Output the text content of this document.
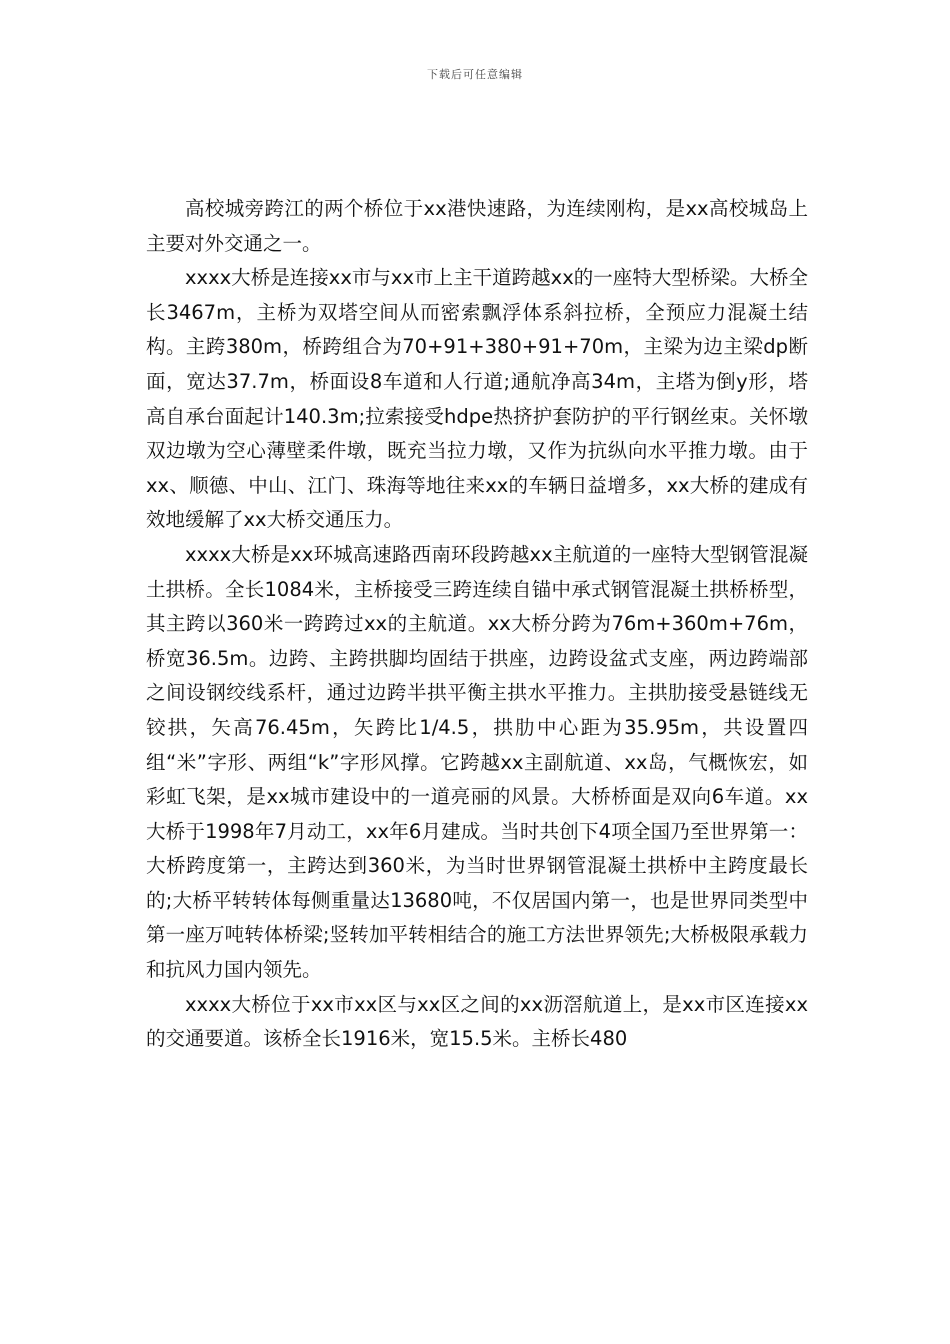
下载后可任意编辑

高校城旁跨江的两个桥位于xx港快速路，为连续刚构，是xx高校城岛上主要对外交通之一。

xxxx大桥是连接xx市与xx市上主干道跨越xx的一座特大型桥梁。大桥全长3467m，主桥为双塔空间从而密索飘浮体系斜拉桥，全预应力混凝土结构。主跨380m，桥跨组合为70+91+380+91+70m，主梁为边主梁dp断面，宽达37.7m，桥面设8车道和人行道;通航净高34m，主塔为倒y形，塔高自承台面起计140.3m;拉索接受hdpe热挤护套防护的平行钢丝束。关怀墩双边墩为空心薄壁柔件墩，既充当拉力墩，又作为抗纵向水平推力墩。由于xx、顺德、中山、江门、珠海等地往来xx的车辆日益增多，xx大桥的建成有效地缓解了xx大桥交通压力。

xxxx大桥是xx环城高速路西南环段跨越xx主航道的一座特大型钢管混凝土拱桥。全长1084米，主桥接受三跨连续自锚中承式钢管混凝土拱桥桥型，其主跨以360米一跨跨过xx的主航道。xx大桥分跨为76m+360m+76m，桥宽36.5m。边跨、主跨拱脚均固结于拱座，边跨设盆式支座，两边跨端部之间设钢绞线系杆，通过边跨半拱平衡主拱水平推力。主拱肋接受悬链线无铰拱，矢高76.45m，矢跨比1/4.5，拱肋中心距为35.95m，共设置四组“米”字形、两组“k”字形风撑。它跨越xx主副航道、xx岛，气概恢宏，如彩虹飞架，是xx城市建设中的一道亮丽的风景。大桥桥面是双向6车道。xx大桥于1998年7月动工，xx年6月建成。当时共创下4项全国乃至世界第一：大桥跨度第一，主跨达到360米，为当时世界钢管混凝土拱桥中主跨度最长的;大桥平转转体每侧重量达13680吨，不仅居国内第一，也是世界同类型中第一座万吨转体桥梁;竖转加平转相结合的施工方法世界领先;大桥极限承载力和抗风力国内领先。

xxxx大桥位于xx市xx区与xx区之间的xx沥滘航道上，是xx市区连接xx的交通要道。该桥全长1916米，宽15.5米。主桥长480
